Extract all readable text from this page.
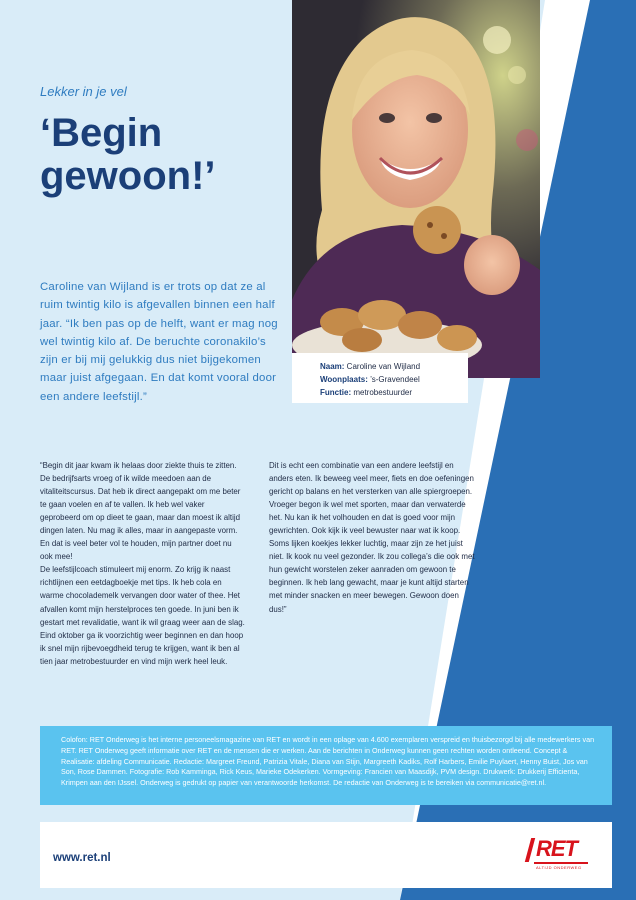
Naam: Caroline van Wijland
Woonplaats: ’s-Gravendeel
Functie: metrobestuurder
Lekker in je vel
‘Begin
gewoon!’
Caroline van Wijland is er trots op dat ze al ruim twintig kilo is afgevallen binnen een half jaar. “Ik ben pas op de helft, want er mag nog wel twintig kilo af. De beruchte coronakilo’s zijn er bij mij gelukkig dus niet bijgekomen maar juist afgegaan. En dat komt vooral door een andere leefstijl.”

“Begin dit jaar kwam ik helaas door ziekte thuis te zitten. De bedrijfsarts vroeg of ik wilde meedoen aan de vitaliteitscursus. Dat heb ik direct aangepakt om me beter te gaan voelen en af te vallen. Ik heb wel vaker geprobeerd om op dieet te gaan, maar dan moest ik altijd dingen laten. Nu mag ik alles, maar in aangepaste vorm. En dat is veel beter vol te houden, mijn partner doet nu ook mee!

De leefstijlcoach stimuleert mij enorm. Zo krijg ik naast richtlijnen een eetdagboekje met tips. Ik heb cola en warme chocolademelk vervangen door water of thee. Het afvallen komt mijn herstelproces ten goede. In juni ben ik gestart met revalidatie, want ik wil graag weer aan de slag. Eind oktober ga ik voorzichtig weer beginnen en dan hoop ik snel mijn rijbevoegdheid terug te krijgen, want ik ben al tien jaar metrobestuurder en vind mijn werk heel leuk.

Dit is echt een combinatie van een andere leefstijl en anders eten. Ik beweeg veel meer, fiets en doe oefeningen gericht op balans en het versterken van alle spiergroepen. Vroeger begon ik wel met sporten, maar dan verwaterde het. Nu kan ik het volhouden en dat is goed voor mijn gewrichten. Ook kijk ik veel bewuster naar wat ik koop. Soms lijken koekjes lekker luchtig, maar zijn ze het juist niet. Ik kook nu veel gezonder. Ik zou collega’s die ook met hun gewicht worstelen zeker aanraden om gewoon te beginnen. Ik heb lang gewacht, maar je kunt altijd starten met minder snacken en meer bewegen. Gewoon doen dus!”

Colofon: RET Onderweg is het interne personeelsmagazine van RET en wordt in een oplage van 4.600 exemplaren verspreid en thuisbezorgd bij alle medewerkers van RET. RET Onderweg geeft informatie over RET en de mensen die er werken. Aan de berichten in Onderweg kunnen geen rechten worden ontleend. Concept & Realisatie: afdeling Communicatie. Redactie: Margreet Freund, Patrizia Vitale, Diana van Stijn, Margreeth Kadiks, Rolf Harbers, Emilie Puylaert, Henny Buist, Jos van Son, Rose Dammen. Fotografie: Rob Kamminga, Rick Keus, Marieke Odekerken. Vormgeving: Francien van Maasdijk, PVM design. Drukwerk: Drukkerij Efficienta, Krimpen aan den IJssel. Onderweg is gedrukt op papier van verantwoorde herkomst. De redactie van Onderweg is te bereiken via communicatie@ret.nl.
www.ret.nl	RET
ALTIJD ONDERWEG
